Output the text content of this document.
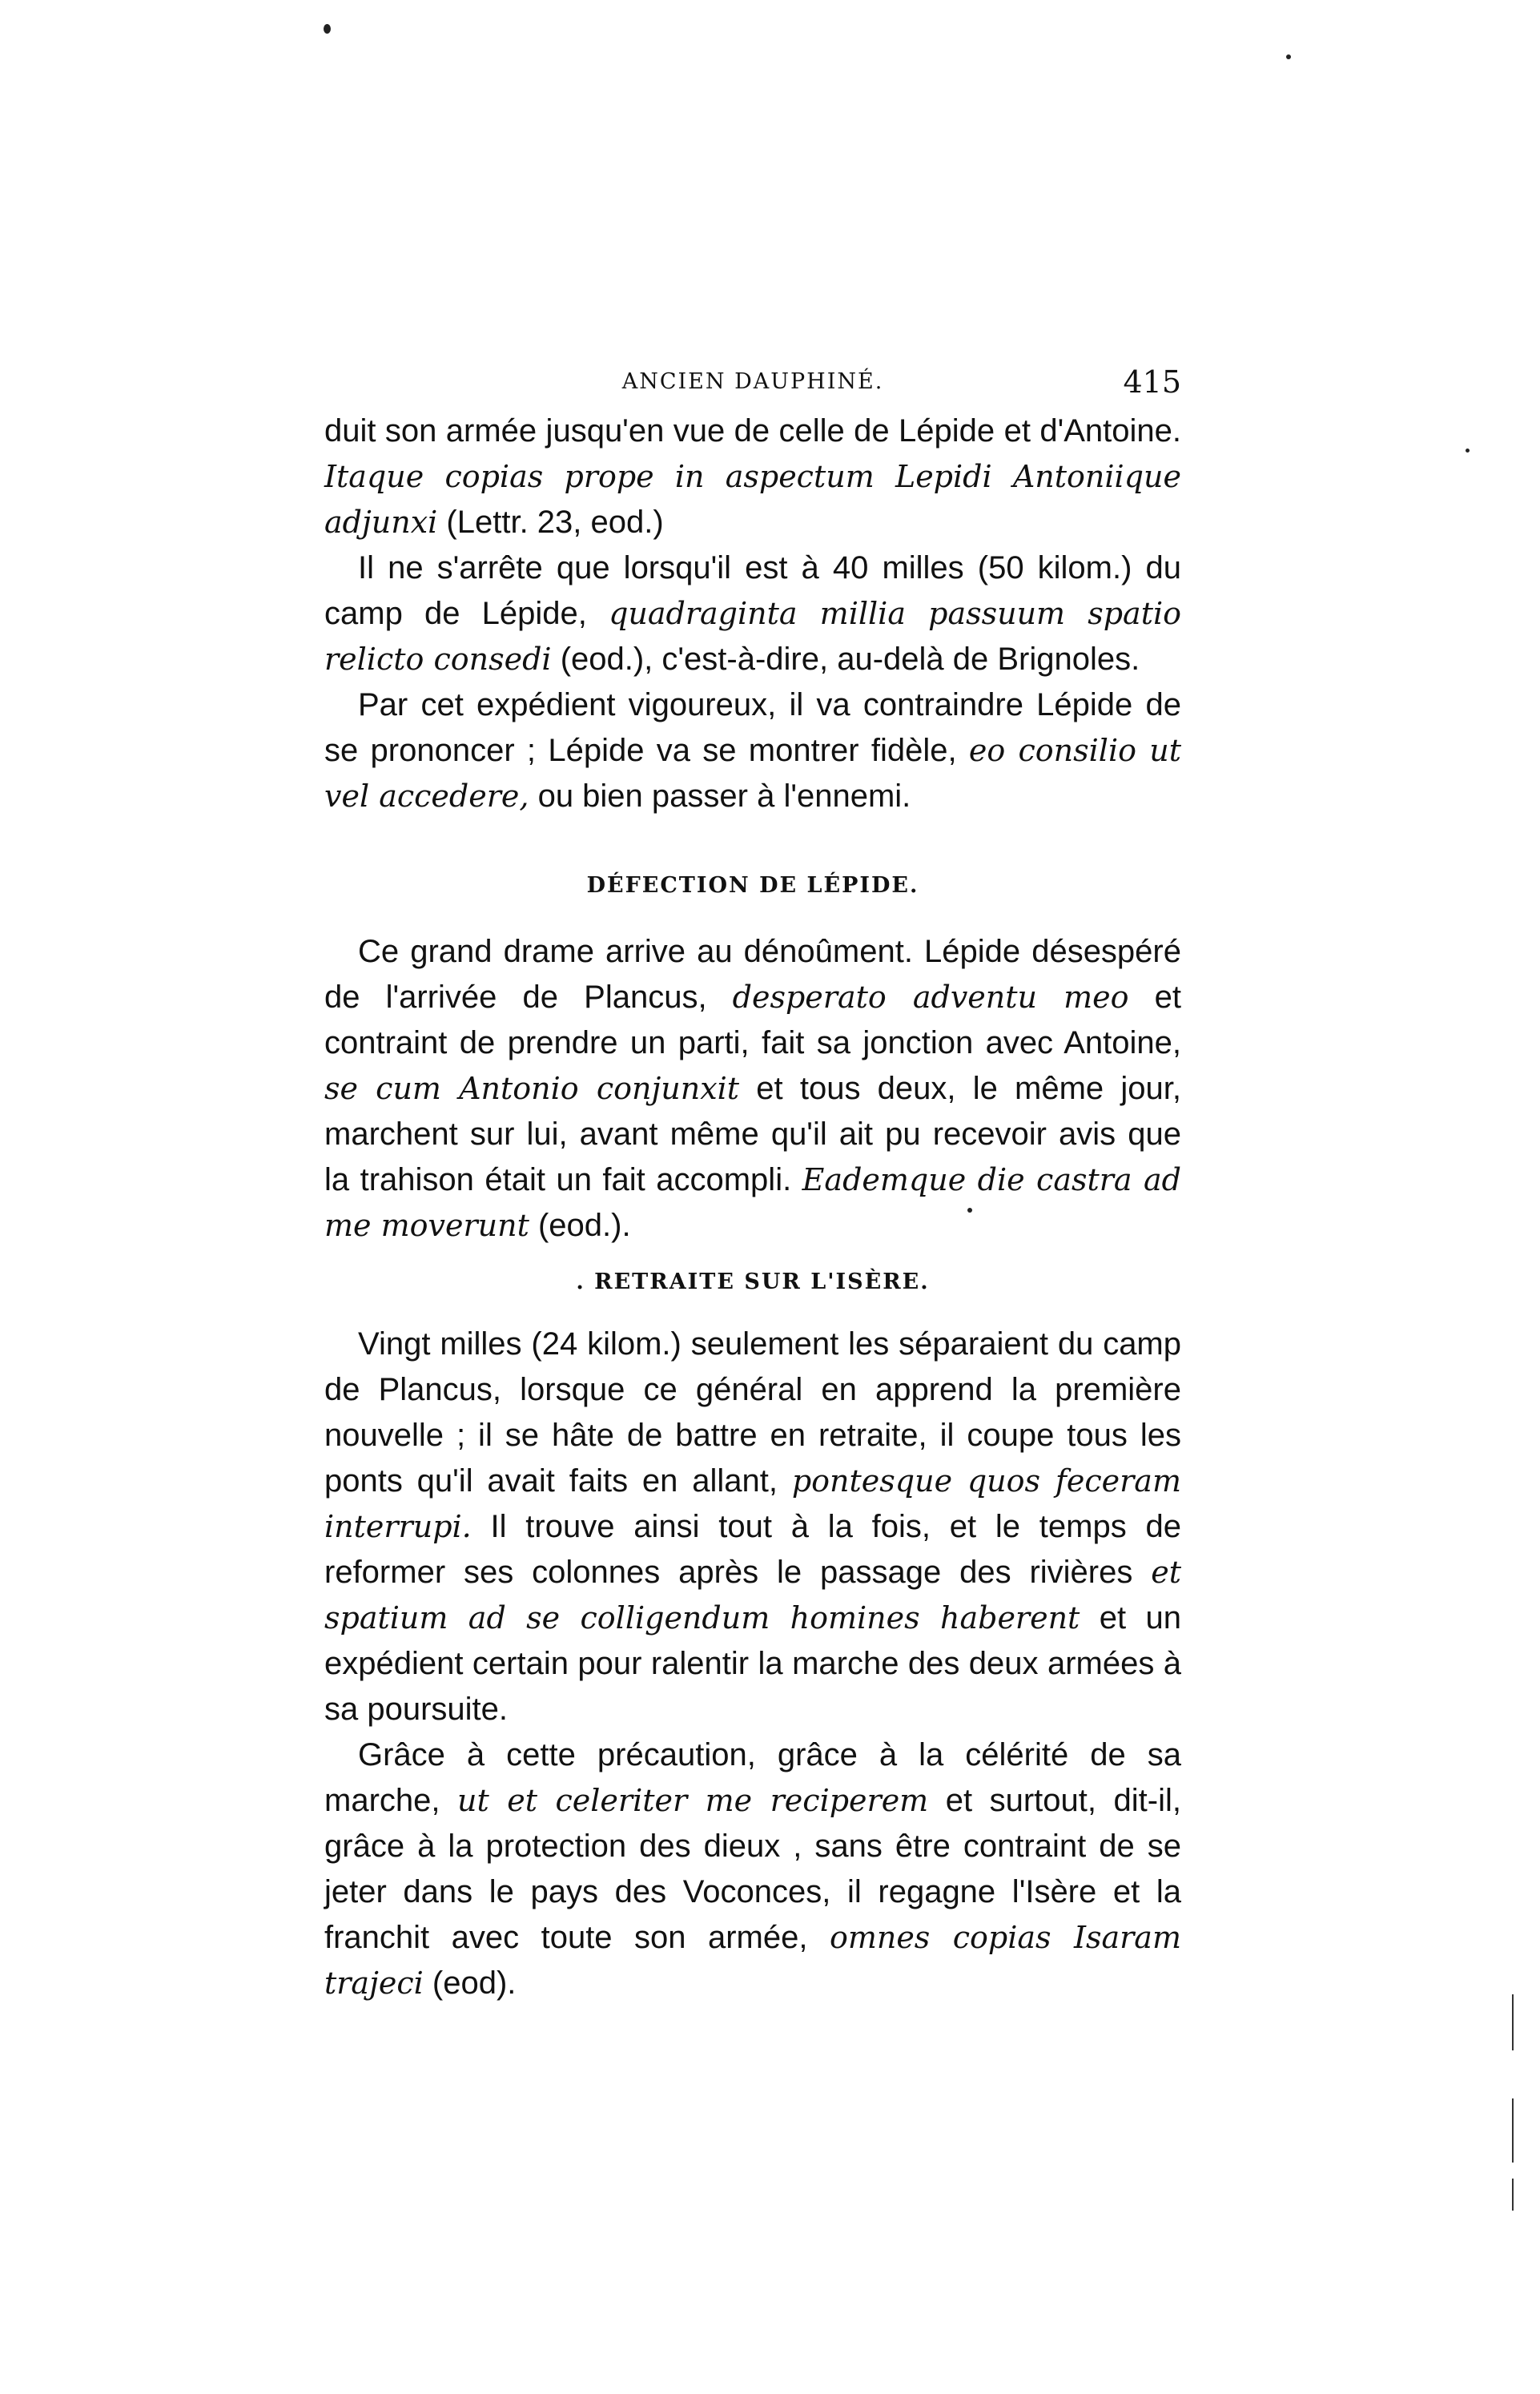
ANCIEN DAUPHINÉ.	415

duit son armée jusqu'en vue de celle de Lépide et d'Antoine. Itaque copias prope in aspectum Lepidi Antoniique adjunxi (Lettr. 23, eod.)

Il ne s'arrête que lorsqu'il est à 40 milles (50 kilom.) du camp de Lépide, quadraginta millia passuum spatio relicto consedi (eod.), c'est-à-dire, au-delà de Brignoles.

Par cet expédient vigoureux, il va contraindre Lépide de se prononcer ; Lépide va se montrer fidèle, eo consilio ut vel accedere, ou bien passer à l'ennemi.

DÉFECTION DE LÉPIDE.

Ce grand drame arrive au dénoûment. Lépide désespéré de l'arrivée de Plancus, desperato adventu meo et contraint de prendre un parti, fait sa jonction avec Antoine, se cum Antonio conjunxit et tous deux, le même jour, marchent sur lui, avant même qu'il ait pu recevoir avis que la trahison était un fait accompli. Eademque die castra ad me moverunt (eod.).

. RETRAITE SUR L'ISÈRE.

Vingt milles (24 kilom.) seulement les séparaient du camp de Plancus, lorsque ce général en apprend la première nouvelle ; il se hâte de battre en retraite, il coupe tous les ponts qu'il avait faits en allant, pontesque quos feceram interrupi. Il trouve ainsi tout à la fois, et le temps de reformer ses colonnes après le passage des rivières et spatium ad se colligendum homines haberent et un expédient certain pour ralentir la marche des deux armées à sa poursuite.

Grâce à cette précaution, grâce à la célérité de sa marche, ut et celeriter me reciperem et surtout, dit-il, grâce à la protection des dieux , sans être contraint de se jeter dans le pays des Voconces, il regagne l'Isère et la franchit avec toute son armée, omnes copias Isaram trajeci (eod).
